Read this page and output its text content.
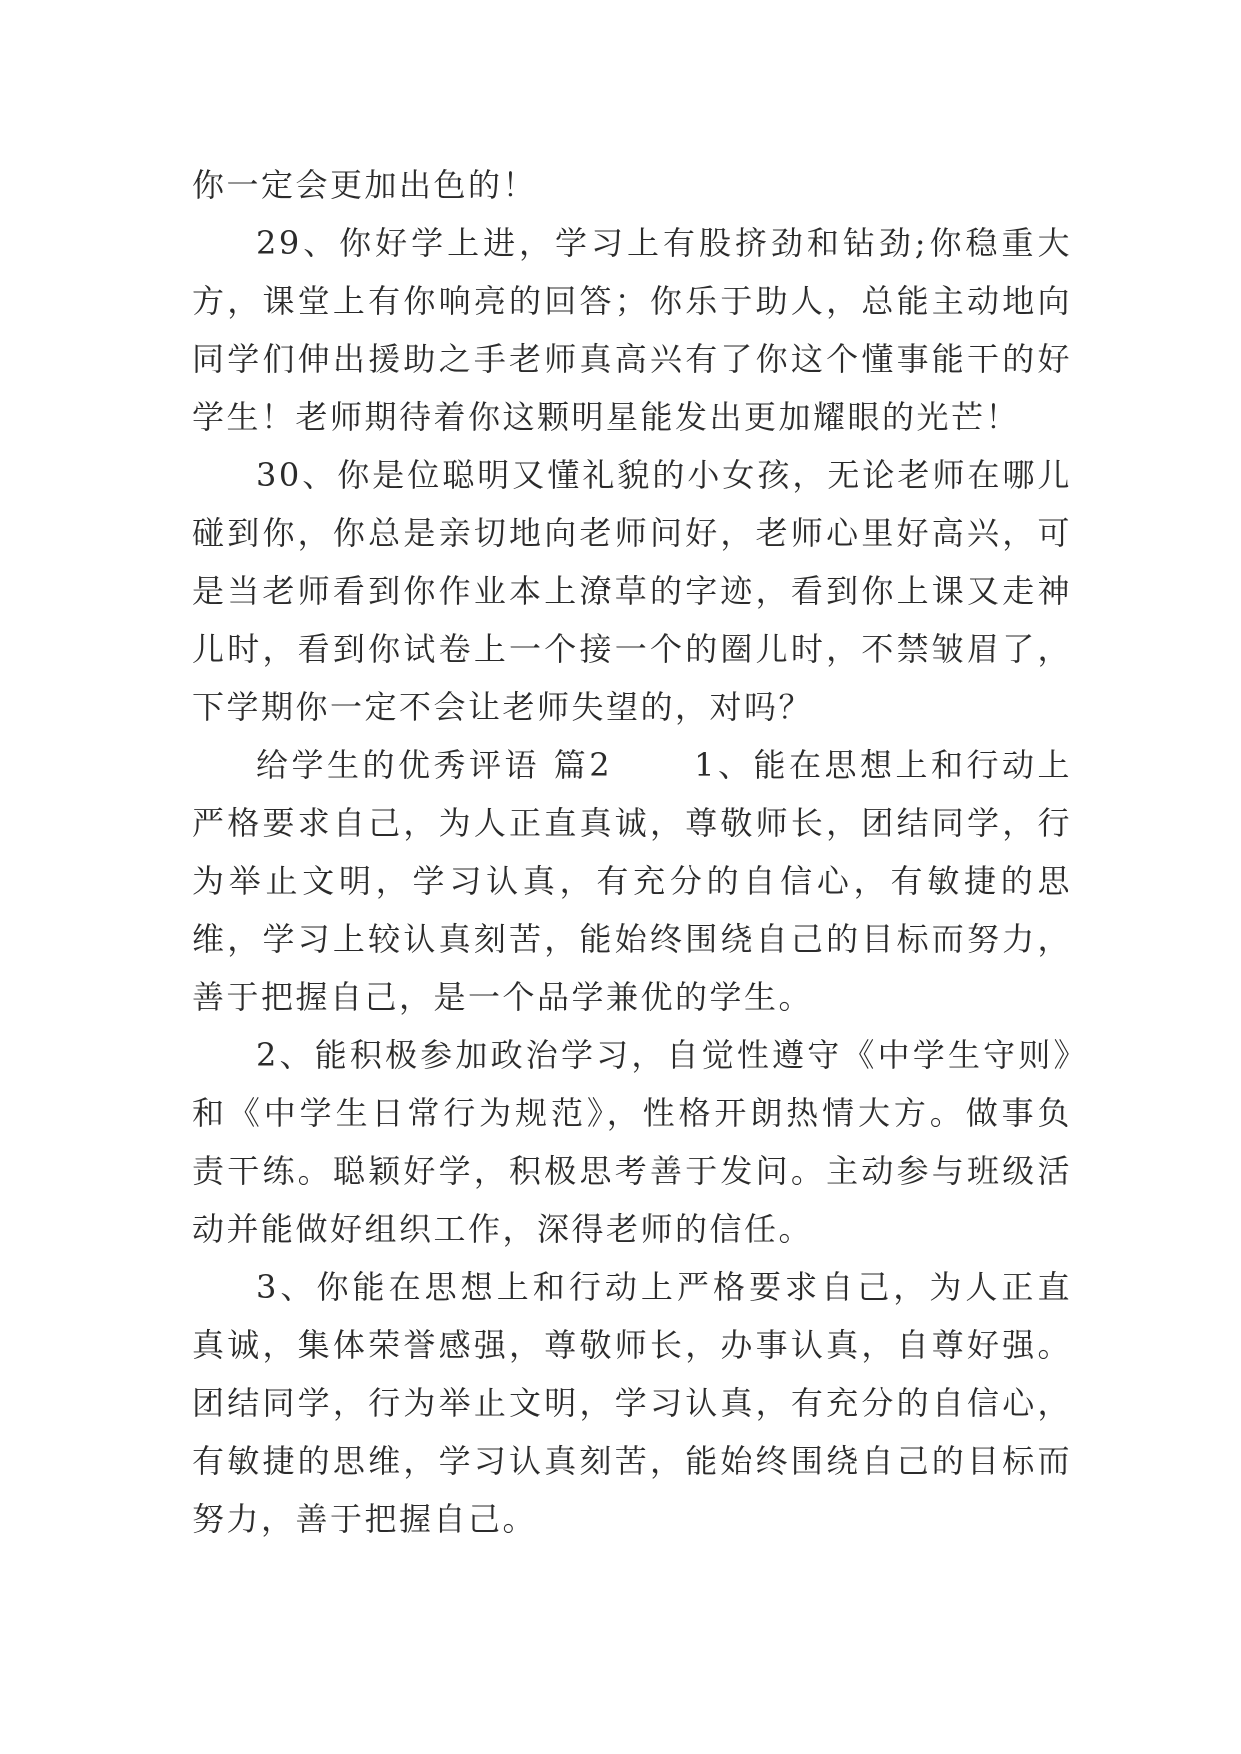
你一定会更加出色的！

29、你好学上进，学习上有股挤劲和钻劲;你稳重大方，课堂上有你响亮的回答；你乐于助人，总能主动地向同学们伸出援助之手老师真高兴有了你这个懂事能干的好学生！老师期待着你这颗明星能发出更加耀眼的光芒！

30、你是位聪明又懂礼貌的小女孩，无论老师在哪儿碰到你，你总是亲切地向老师问好，老师心里好高兴，可是当老师看到你作业本上潦草的字迹，看到你上课又走神儿时，看到你试卷上一个接一个的圈儿时，不禁皱眉了，下学期你一定不会让老师失望的，对吗？

给学生的优秀评语 篇2	1、能在思想上和行动上严格要求自己，为人正直真诚，尊敬师长，团结同学，行为举止文明，学习认真，有充分的自信心，有敏捷的思维，学习上较认真刻苦，能始终围绕自己的目标而努力，善于把握自己，是一个品学兼优的学生。

2、能积极参加政治学习，自觉性遵守《中学生守则》和《中学生日常行为规范》，性格开朗热情大方。做事负责干练。聪颖好学，积极思考善于发问。主动参与班级活动并能做好组织工作，深得老师的信任。

3、你能在思想上和行动上严格要求自己，为人正直真诚，集体荣誉感强，尊敬师长，办事认真，自尊好强。团结同学，行为举止文明，学习认真，有充分的自信心，有敏捷的思维，学习认真刻苦，能始终围绕自己的目标而努力，善于把握自己。
